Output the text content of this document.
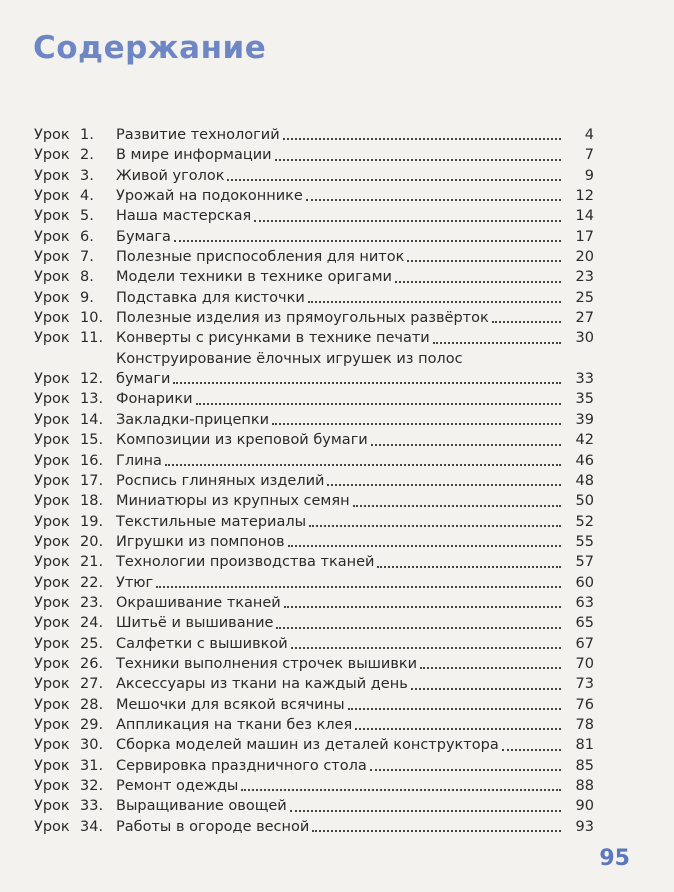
Содержание
Урок 1.	Развитие технологий	4
Урок 2.	В мире информации	7
Урок 3.	Живой уголок	9
Урок 4.	Урожай на подоконнике	12
Урок 5.	Наша мастерская	14
Урок 6.	Бумага	17
Урок 7.	Полезные приспособления для ниток	20
Урок 8.	Модели техники в технике оригами	23
Урок 9.	Подставка для кисточки	25
Урок 10. Полезные изделия из прямоугольных развёрток	27
Урок 11. Конверты с рисунками в технике печати	30
Урок 12.
Конструирование ёлочных игрушек из полос
бумаги	33
Урок 13. Фонарики	35
Урок 14. Закладки-прицепки	39
Урок 15. Композиции из креповой бумаги	42
Урок 16. Глина	46
Урок 17. Роспись глиняных изделий	48
Урок 18. Миниатюры из крупных семян	50
Урок 19. Текстильные материалы	52
Урок 20. Игрушки из помпонов	55
Урок 21. Технологии производства тканей	57
Урок 22. Утюг	60
Урок 23. Окрашивание тканей	63
Урок 24. Шитьё и вышивание	65
Урок 25. Салфетки с вышивкой	67
Урок 26. Техники выполнения строчек вышивки	70
Урок 27. Аксессуары из ткани на каждый день	73
Урок 28. Мешочки для всякой всячины	76
Урок 29. Аппликация на ткани без клея	78
Урок 30. Сборка моделей машин из деталей конструктора	81
Урок 31. Сервировка праздничного стола	85
Урок 32. Ремонт одежды	88
Урок 33. Выращивание овощей	90
Урок 34. Работы в огороде весной	93
95
